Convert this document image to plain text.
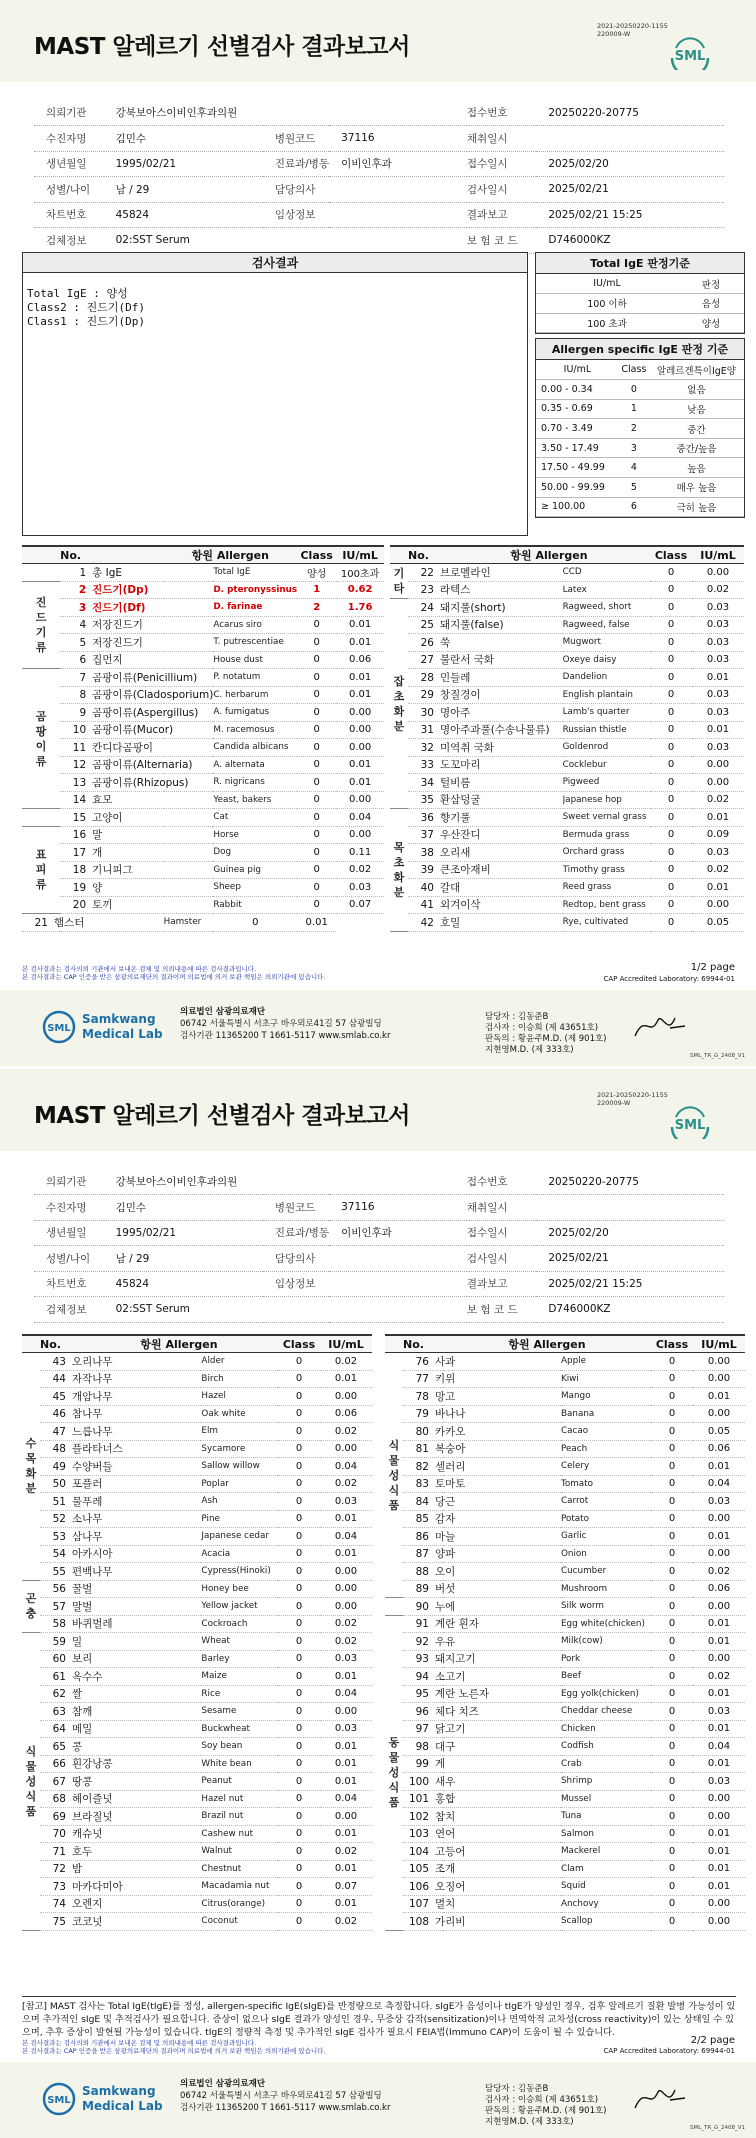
MAST 알레르기 선별검사 결과보고서
2021-20250220-1155
220009-W
SML
의뢰기관	강북보아스이비인후과의원			접수번호	20250220-20775
수진자명	김민수	병원코드	37116	채취일시	
생년월일	1995/02/21	진료과/병동	이비인후과	접수일시	2025/02/20
성별/나이	남 / 29	담당의사		검사일시	2025/02/21
차트번호	45824	임상정보		결과보고	2025/02/21 15:25
검체정보	02:SST Serum			보 험 코 드	D746000KZ
검사결과
Total IgE : 양성
Class2 : 진드기(Df)
Class1 : 진드기(Dp)
Total IgE 판정기준
IU/mL	판정
100 이하	음성
100 초과	양성
Allergen specific IgE 판정 기준
IU/mL	Class	알레르겐특이IgE양
0.00 - 0.34	0	없음
0.35 - 0.69	1	낮음
0.70 - 3.49	2	중간
3.50 - 17.49	3	중간/높음
17.50 - 49.99	4	높음
50.00 - 99.99	5	매우 높음
≥ 100.00	6	극히 높음
	No.	항원 Allergen		Class	IU/mL
	1 총 IgE		Total IgE	양성	100초과
진드기류	2 진드기(Dp)		D. pteronyssinus	1	0.62
	3 진드기(Df)		D. farinae	2	1.76
	4 저장진드기		Acarus siro	0	0.01
	5 저장진드기		T. putrescentiae	0	0.01
	6 집먼지		House dust	0	0.06
곰팡이류	7 곰팡이류(Penicillium)		P. notatum	0	0.01
	8 곰팡이류(Cladosporium)		C. herbarum	0	0.01
	9 곰팡이류(Aspergillus)		A. fumigatus	0	0.00
	10 곰팡이류(Mucor)		M. racemosus	0	0.00
	11 칸디다곰팡이		Candida albicans	0	0.00
	12 곰팡이류(Alternaria)		A. alternata	0	0.01
	13 곰팡이류(Rhizopus)		R. nigricans	0	0.01
	14 효모		Yeast, bakers	0	0.00
	15 고양이		Cat	0	0.04
표피류	16 말		Horse	0	0.00
	17 개		Dog	0	0.11
	18 기니피그		Guinea pig	0	0.02
	19 양		Sheep	0	0.03
	20 토끼		Rabbit	0	0.07
21 햄스터		Hamster	0	0.01	
	No.	항원 Allergen		Class	IU/mL
기타	22 브로멜라인		CCD	0	0.00
	23 라텍스		Latex	0	0.02
잡초화분	24 돼지풀(short)		Ragweed, short	0	0.03
	25 돼지풀(false)		Ragweed, false	0	0.03
	26 쑥		Mugwort	0	0.03
	27 불란서 국화		Oxeye daisy	0	0.03
	28 민들레		Dandelion	0	0.01
	29 창질경이		English plantain	0	0.03
	30 명아주		Lamb's quarter	0	0.03
	31 명아주과풀(수송나물류)		Russian thistle	0	0.01
	32 미역취 국화		Goldenrod	0	0.03
	33 도꼬마리		Cocklebur	0	0.00
	34 털비름		Pigweed	0	0.00
	35 환삼덩굴		Japanese hop	0	0.02
목초화분	36 향기풀		Sweet vernal grass	0	0.01
	37 우산잔디		Bermuda grass	0	0.09
	38 오리새		Orchard grass	0	0.03
	39 큰조아재비		Timothy grass	0	0.02
	40 갈대		Reed grass	0	0.01
	41 외겨이삭		Redtop, bent grass	0	0.00
	42 호밀		Rye, cultivated	0	0.05
본 검사결과는 검사의뢰 기관에서 보내온 검체 및 의뢰내용에 따른 검사결과입니다.
본 검사결과는 CAP 인증을 받은 삼광의료재단의 결과이며 의료법에 의거 보관 책임은 의뢰기관에 있습니다.
1/2 page
CAP Accredited Laboratory: 69944-01
SML
Samkwang
Medical Lab
의료법인 삼광의료재단
06742 서울특별시 서초구 바우뫼로41길 57 삼광빌딩
검사기관 11365200 T 1661-5117 www.smlab.co.kr
담당자 : 김동준B
검사자 : 이승희 (제 43651호)
판독의 : 황윤주M.D. (제 901호)
지현영M.D. (제 333호)
SML_TR_G_2408_V1
MAST 알레르기 선별검사 결과보고서
2021-20250220-1155
220009-W
SML
의뢰기관	강북보아스이비인후과의원			접수번호	20250220-20775
수진자명	김민수	병원코드	37116	채취일시	
생년월일	1995/02/21	진료과/병동	이비인후과	접수일시	2025/02/20
성별/나이	남 / 29	담당의사		검사일시	2025/02/21
차트번호	45824	임상정보		결과보고	2025/02/21 15:25
검체정보	02:SST Serum			보 험 코 드	D746000KZ
	No.	항원 Allergen		Class	IU/mL
수목화분	43 오리나무		Alder	0	0.02
	44 자작나무		Birch	0	0.01
	45 개암나무		Hazel	0	0.00
	46 참나무		Oak white	0	0.06
	47 느릅나무		Elm	0	0.02
	48 플라타너스		Sycamore	0	0.00
	49 수양버들		Sallow willow	0	0.04
	50 포플러		Poplar	0	0.02
	51 물푸레		Ash	0	0.03
	52 소나무		Pine	0	0.01
	53 삼나무		Japanese cedar	0	0.04
	54 아카시아		Acacia	0	0.01
	55 편백나무		Cypress(Hinoki)	0	0.00
곤충	56 꿀벌		Honey bee	0	0.00
	57 말벌		Yellow jacket	0	0.00
	58 바퀴벌레		Cockroach	0	0.02
식물성식품	59 밀		Wheat	0	0.02
	60 보리		Barley	0	0.03
	61 옥수수		Maize	0	0.01
	62 쌀		Rice	0	0.04
	63 참깨		Sesame	0	0.00
	64 메밀		Buckwheat	0	0.03
	65 콩		Soy bean	0	0.01
	66 흰강낭콩		White bean	0	0.01
	67 땅콩		Peanut	0	0.01
	68 헤이즐넛		Hazel nut	0	0.04
	69 브라질넛		Brazil nut	0	0.00
	70 캐슈넛		Cashew nut	0	0.01
	71 호두		Walnut	0	0.02
	72 밤		Chestnut	0	0.01
	73 마카다미아		Macadamia nut	0	0.07
	74 오렌지		Citrus(orange)	0	0.01
	75 코코넛		Coconut	0	0.02
	No.	항원 Allergen		Class	IU/mL
식물성식품	76 사과		Apple	0	0.00
	77 키위		Kiwi	0	0.00
	78 망고		Mango	0	0.01
	79 바나나		Banana	0	0.00
	80 카카오		Cacao	0	0.05
	81 복숭아		Peach	0	0.06
	82 셀러리		Celery	0	0.01
	83 토마토		Tomato	0	0.04
	84 당근		Carrot	0	0.03
	85 감자		Potato	0	0.00
	86 마늘		Garlic	0	0.01
	87 양파		Onion	0	0.00
	88 오이		Cucumber	0	0.02
	89 버섯		Mushroom	0	0.06
	90 누에		Silk worm	0	0.00
동물성식품	91 계란 흰자		Egg white(chicken)	0	0.01
	92 우유		Milk(cow)	0	0.01
	93 돼지고기		Pork	0	0.00
	94 소고기		Beef	0	0.02
	95 계란 노른자		Egg yolk(chicken)	0	0.01
	96 체다 치즈		Cheddar cheese	0	0.03
	97 닭고기		Chicken	0	0.01
	98 대구		Codfish	0	0.04
	99 게		Crab	0	0.01
	100 새우		Shrimp	0	0.03
	101 홍합		Mussel	0	0.00
	102 참치		Tuna	0	0.00
	103 연어		Salmon	0	0.01
	104 고등어		Mackerel	0	0.01
	105 조개		Clam	0	0.01
	106 오징어		Squid	0	0.01
	107 멸치		Anchovy	0	0.00
	108 가리비		Scallop	0	0.00
[참고] MAST 검사는 Total IgE(tIgE)를 정성, allergen-specific IgE(sIgE)를 반정량으로 측정합니다. sIgE가 음성이나 tIgE가 양성인 경우, 검후 알레르기 질환 발병 가능성이 있으며 추가적인 sIgE 및 추적검사가 필요합니다. 증상이 없으나 sIgE 결과가 양성인 경우, 무증상 감작(sensitization)이나 면역학적 교차성(cross reactivity)이 있는 상태일 수 있으며, 추후 증상이 발현될 가능성이 있습니다. tIgE의 정량적 측정 및 추가적인 sIgE 검사가 필요시 FEIA법(Immuno CAP)이 도움이 될 수 있습니다.
본 검사결과는 검사의뢰 기관에서 보내온 검체 및 의뢰내용에 따른 검사결과입니다.
본 검사결과는 CAP 인증을 받은 삼광의료재단의 결과이며 의료법에 의거 보관 책임은 의뢰기관에 있습니다.
2/2 page
CAP Accredited Laboratory: 69944-01
SML
Samkwang
Medical Lab
의료법인 삼광의료재단
06742 서울특별시 서초구 바우뫼로41길 57 삼광빌딩
검사기관 11365200 T 1661-5117 www.smlab.co.kr
담당자 : 김동준B
검사자 : 이승희 (제 43651호)
판독의 : 황윤주M.D. (제 901호)
지현영M.D. (제 333호)
SML_TR_G_2408_V1
